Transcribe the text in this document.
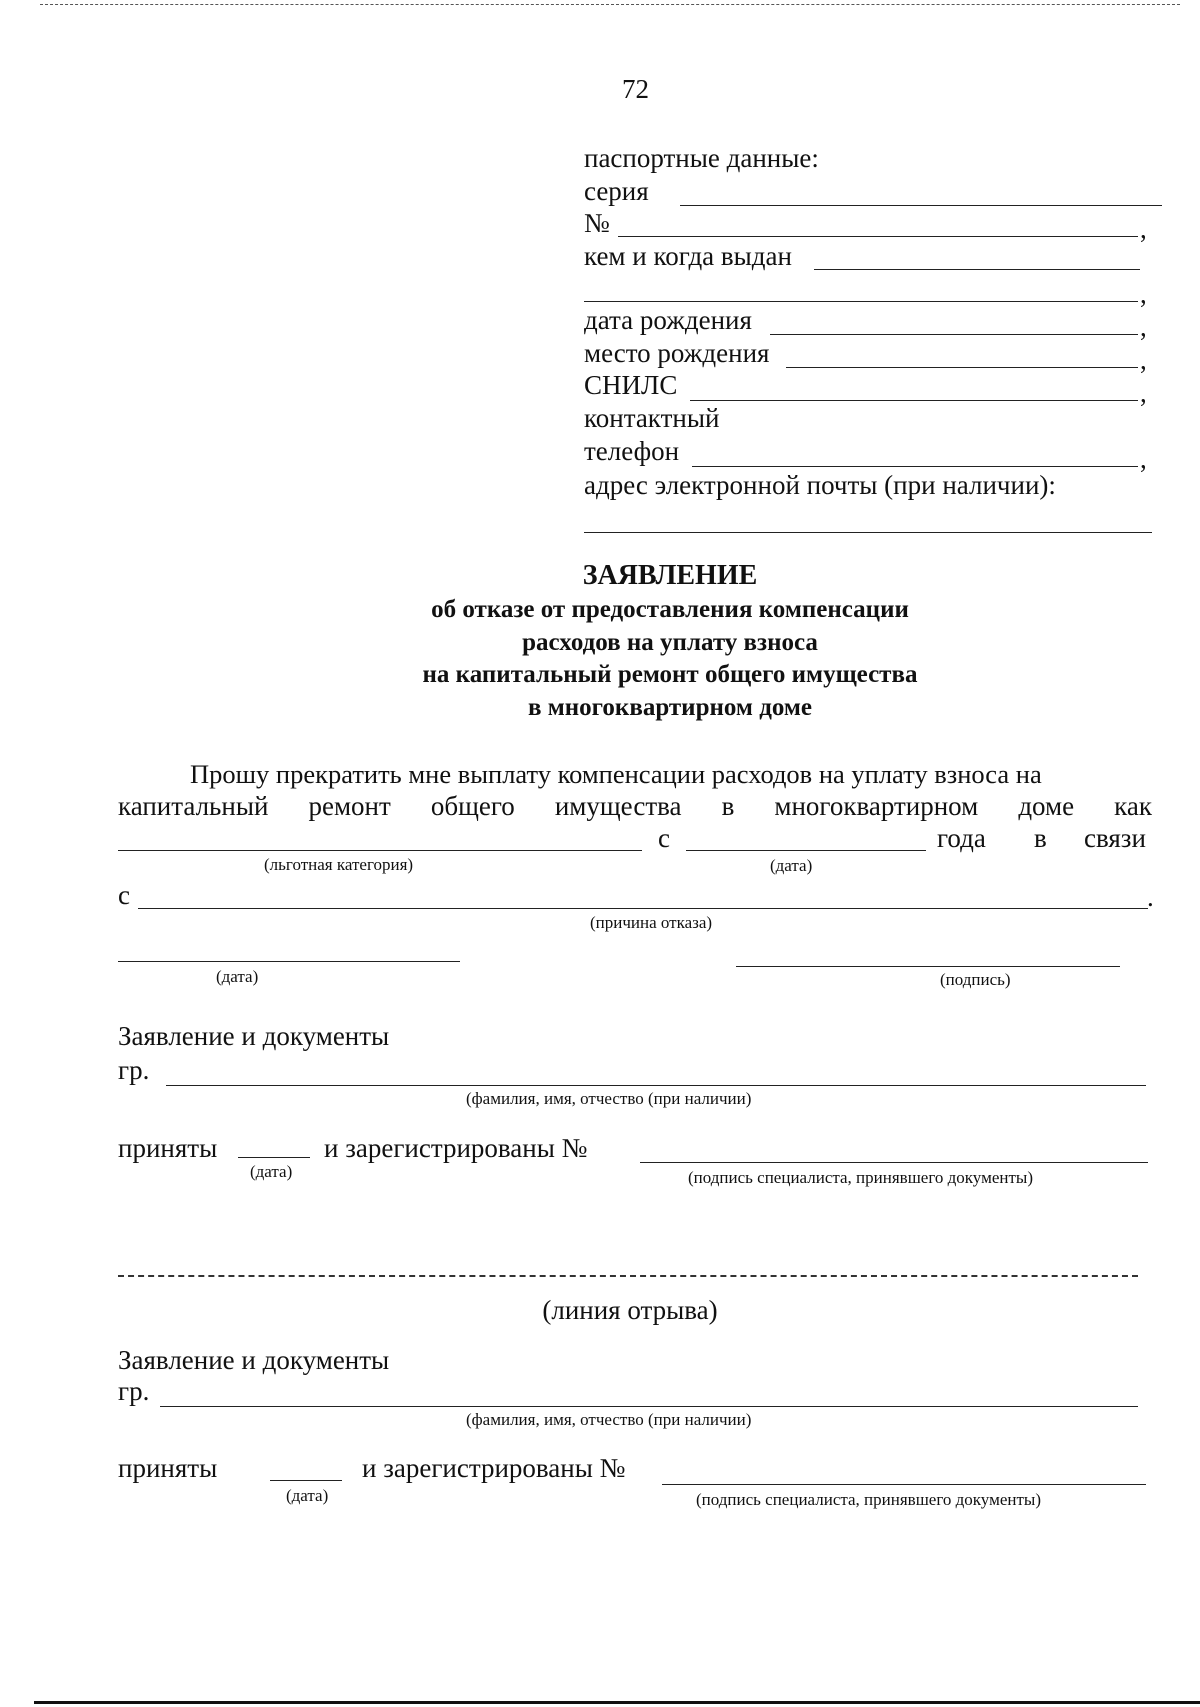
72
паспортные данные:
серия
№	,
кем и когда выдан
,
дата рождения	,
место рождения	,
СНИЛС	,
контактный
телефон	,
адрес электронной почты (при наличии):
ЗАЯВЛЕНИЕ
об отказе от предоставления компенсации
расходов на уплату взноса
на капитальный ремонт общего имущества
в многоквартирном доме
Прошу прекратить мне выплату компенсации расходов на уплату взноса на
капитальный ремонт общего имущества в многоквартирном доме как
с	года в связи
(льготная категория)	(дата)
с	.
(причина отказа)
(дата)	(подпись)
Заявление и документы
гр.
(фамилия, имя, отчество (при наличии)
приняты	и зарегистрированы №
(дата)	(подпись специалиста, принявшего документы)
(линия отрыва)
Заявление и документы
гр.
(фамилия, имя, отчество (при наличии)
приняты	и зарегистрированы №
(дата)	(подпись специалиста, принявшего документы)
